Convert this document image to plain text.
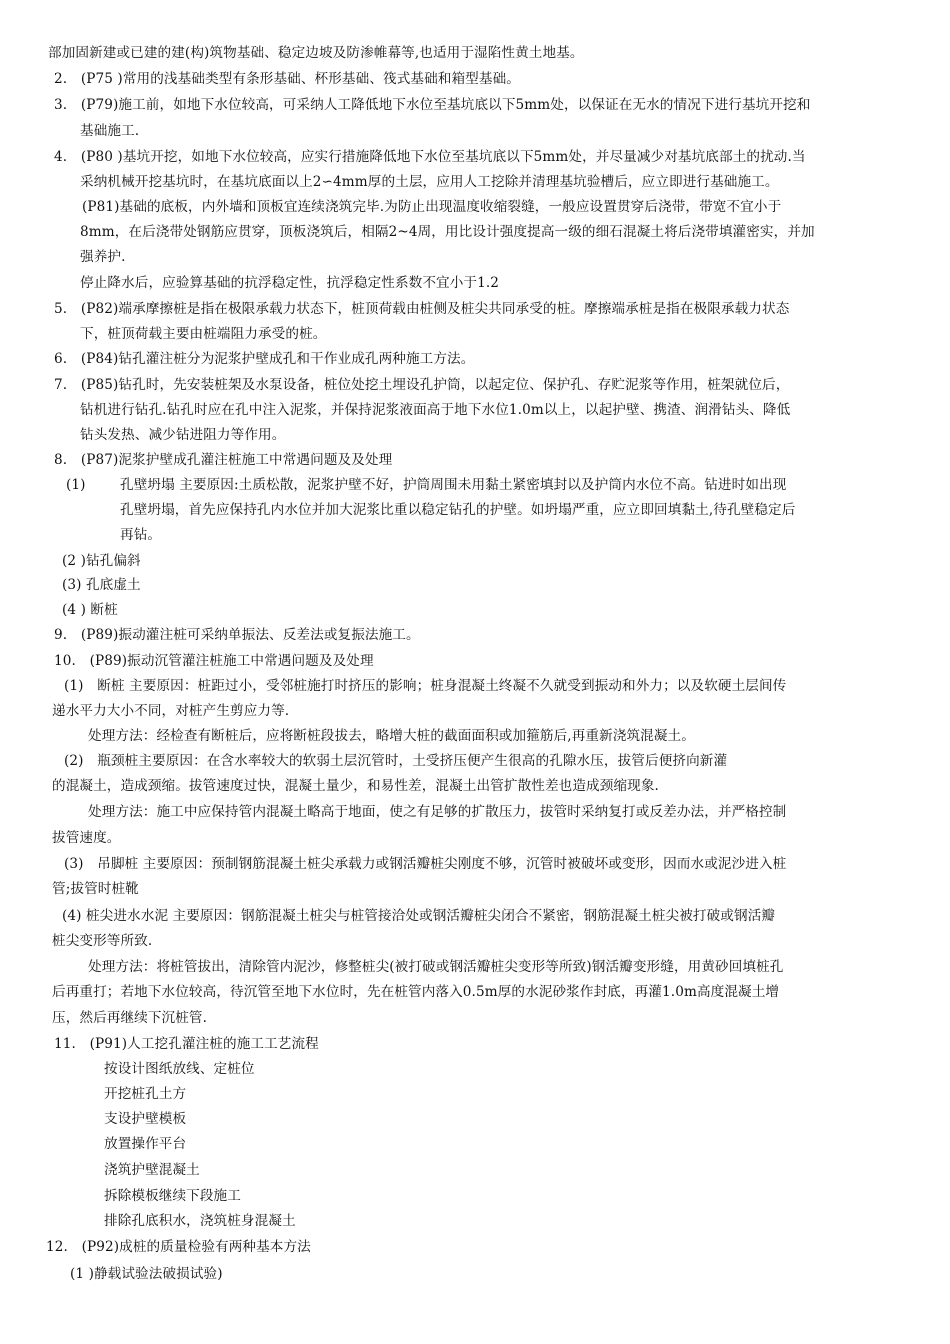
部加固新建或已建的建(构)筑物基础、稳定边坡及防渗帷幕等,也适用于湿陷性黄土地基。
2.　(P75 )常用的浅基础类型有条形基础、杯形基础、筏式基础和箱型基础。
3.　(P79)施工前，如地下水位较高，可采纳人工降低地下水位至基坑底以下5mm处，以保证在无水的情况下进行基坑开挖和
基础施工.
4.　(P80 )基坑开挖，如地下水位较高，应实行措施降低地下水位至基坑底以下5mm处，并尽量减少对基坑底部土的扰动.当
采纳机械开挖基坑时，在基坑底面以上2∽4mm厚的土层，应用人工挖除并清理基坑验槽后，应立即进行基础施工。
(P81)基础的底板，内外墙和顶板宜连续浇筑完毕.为防止出现温度收缩裂缝，一般应设置贯穿后浇带，带宽不宜小于
8mm，在后浇带处钢筋应贯穿，顶板浇筑后，相隔2~4周，用比设计强度提高一级的细石混凝土将后浇带填灌密实，并加
强养护.
停止降水后，应验算基础的抗浮稳定性，抗浮稳定性系数不宜小于1.2
5.　(P82)端承摩擦桩是指在极限承载力状态下，桩顶荷载由桩侧及桩尖共同承受的桩。摩擦端承桩是指在极限承载力状态
下，桩顶荷载主要由桩端阻力承受的桩。
6.　(P84)钻孔灌注桩分为泥浆护壁成孔和干作业成孔两种施工方法。
7.　(P85)钻孔时，先安装桩架及水泵设备，桩位处挖土埋设孔护筒，以起定位、保护孔、存贮泥浆等作用，桩架就位后，
钻机进行钻孔.钻孔时应在孔中注入泥浆，并保持泥浆液面高于地下水位1.0m以上，以起护壁、携渣、润滑钻头、降低
钻头发热、减少钻进阻力等作用。
8.　(P87)泥浆护壁成孔灌注桩施工中常遇问题及及处理
(1)	孔壁坍塌 主要原因:土质松散，泥浆护壁不好，护筒周围未用黏土紧密填封以及护筒内水位不高。钻进时如出现
孔壁坍塌，首先应保持孔内水位并加大泥浆比重以稳定钻孔的护壁。如坍塌严重，应立即回填黏土,待孔壁稳定后
再钻。
(2 )钻孔偏斜
(3) 孔底虚土
(4 ) 断桩
9.　(P89)振动灌注桩可采纳单振法、反差法或复振法施工。
10.　(P89)振动沉管灌注桩施工中常遇问题及及处理
(1)　断桩 主要原因：桩距过小，受邻桩施打时挤压的影响；桩身混凝土终凝不久就受到振动和外力；以及软硬土层间传
递水平力大小不同，对桩产生剪应力等.
处理方法：经检查有断桩后，应将断桩段拔去，略增大桩的截面面积或加箍筋后,再重新浇筑混凝土。
(2)　瓶颈桩主要原因：在含水率较大的软弱土层沉管时，土受挤压便产生很高的孔隙水压，拔管后便挤向新灌
的混凝土，造成颈缩。拔管速度过快，混凝土量少，和易性差，混凝土出管扩散性差也造成颈缩现象.
处理方法：施工中应保持管内混凝土略高于地面，使之有足够的扩散压力，拔管时采纳复打或反差办法，并严格控制
拔管速度。
(3)　吊脚桩 主要原因：预制钢筋混凝土桩尖承载力或钢活瓣桩尖刚度不够，沉管时被破坏或变形，因而水或泥沙进入桩
管;拔管时桩靴
(4) 桩尖进水水泥 主要原因：钢筋混凝土桩尖与桩管接洽处或钢活瓣桩尖闭合不紧密，钢筋混凝土桩尖被打破或钢活瓣
桩尖变形等所致.
处理方法：将桩管拔出，清除管内泥沙，修整桩尖(被打破或钢活瓣桩尖变形等所致)钢活瓣变形缝，用黄砂回填桩孔
后再重打；若地下水位较高，待沉管至地下水位时，先在桩管内落入0.5m厚的水泥砂浆作封底，再灌1.0m高度混凝土增
压，然后再继续下沉桩管.
11.　(P91)人工挖孔灌注桩的施工工艺流程
按设计图纸放线、定桩位
开挖桩孔土方
支设护壁模板
放置操作平台
浇筑护壁混凝土
拆除模板继续下段施工
排除孔底积水，浇筑桩身混凝土
12.　(P92)成桩的质量检验有两种基本方法
(1 )静载试验法破损试验)
